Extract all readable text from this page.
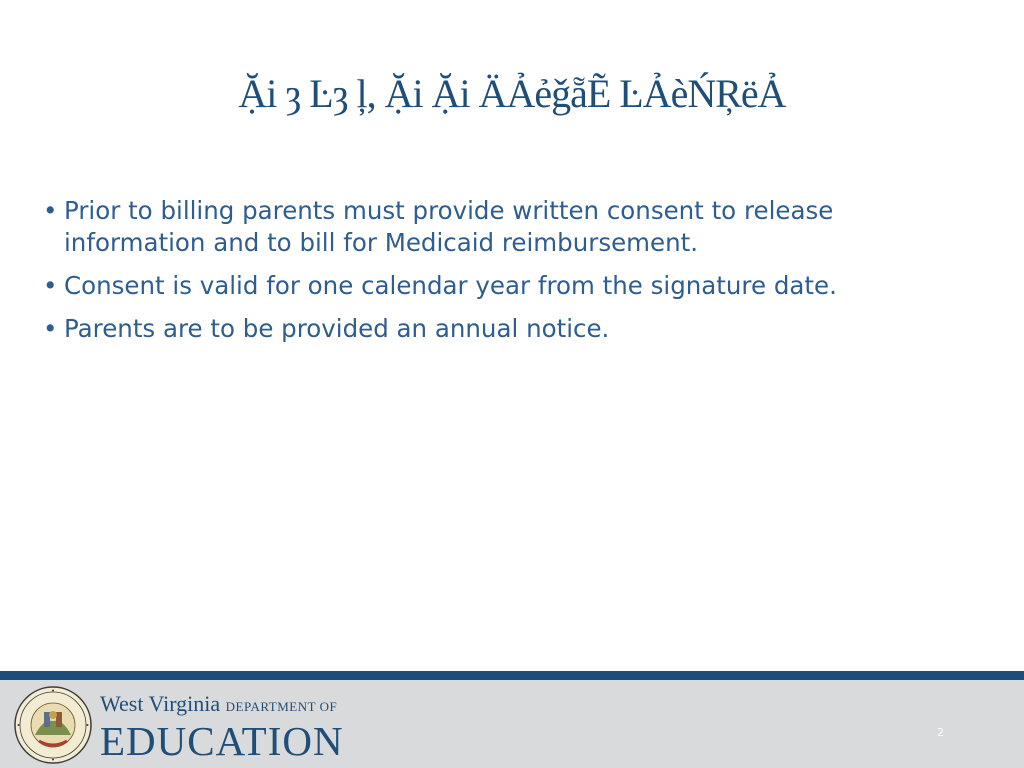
Ặi ȝ Ŀȝ ļ, Ặi Ặi ÄẢẻǧẵẼ ĿẢèŃŖëẢ
• Prior to billing parents must provide written consent to release information and to bill for Medicaid reimbursement.
• Consent is valid for one calendar year from the signature date.
• Parents are to be provided an annual notice.
West Virginia DEPARTMENT OF
EDUCATION	2
